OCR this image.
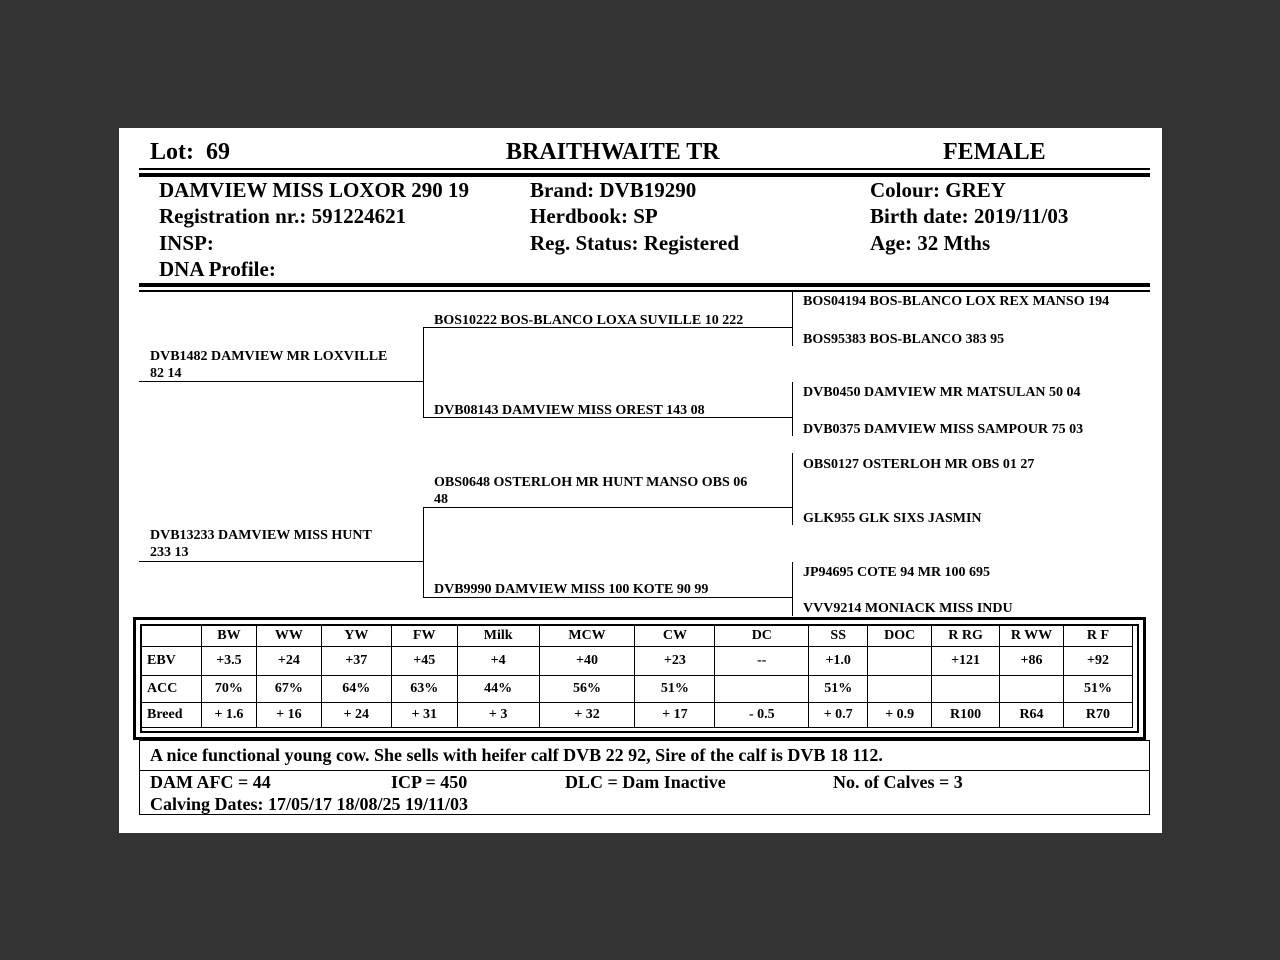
Lot: 69	BRAITHWAITE TR	FEMALE
DAMVIEW MISS LOXOR 290 19
Registration nr.: 591224621
INSP:
DNA Profile:
Brand: DVB19290
Herdbook: SP
Reg. Status: Registered
Colour: GREY
Birth date: 2019/11/03
Age: 32 Mths
DVB1482 DAMVIEW MR LOXVILLE
82 14
BOS10222 BOS-BLANCO LOXA SUVILLE 10 222
DVB08143 DAMVIEW MISS OREST 143 08
BOS04194 BOS-BLANCO LOX REX MANSO 194
BOS95383 BOS-BLANCO 383 95
DVB0450 DAMVIEW MR MATSULAN 50 04
DVB0375 DAMVIEW MISS SAMPOUR 75 03
DVB13233 DAMVIEW MISS HUNT
233 13
OBS0648 OSTERLOH MR HUNT MANSO OBS 06
48
DVB9990 DAMVIEW MISS 100 KOTE 90 99
OBS0127 OSTERLOH MR OBS 01 27
GLK955 GLK SIXS JASMIN
JP94695 COTE 94 MR 100 695
VVV9214 MONIACK MISS INDU
	BW	WW	YW	FW	Milk	MCW	CW	DC	SS	DOC	R RG	R WW	R F
EBV	+3.5	+24	+37	+45	+4	+40	+23	--	+1.0		+121	+86	+92
ACC	70%	67%	64%	63%	44%	56%	51%		51%				51%
Breed	+ 1.6	+ 16	+ 24	+ 31	+ 3	+ 32	+ 17	- 0.5	+ 0.7	+ 0.9	R100	R64	R70
A nice functional young cow. She sells with heifer calf DVB 22 92, Sire of the calf is DVB 18 112.
DAM AFC = 44	ICP = 450	DLC = Dam Inactive	No. of Calves = 3
Calving Dates: 17/05/17 18/08/25 19/11/03
